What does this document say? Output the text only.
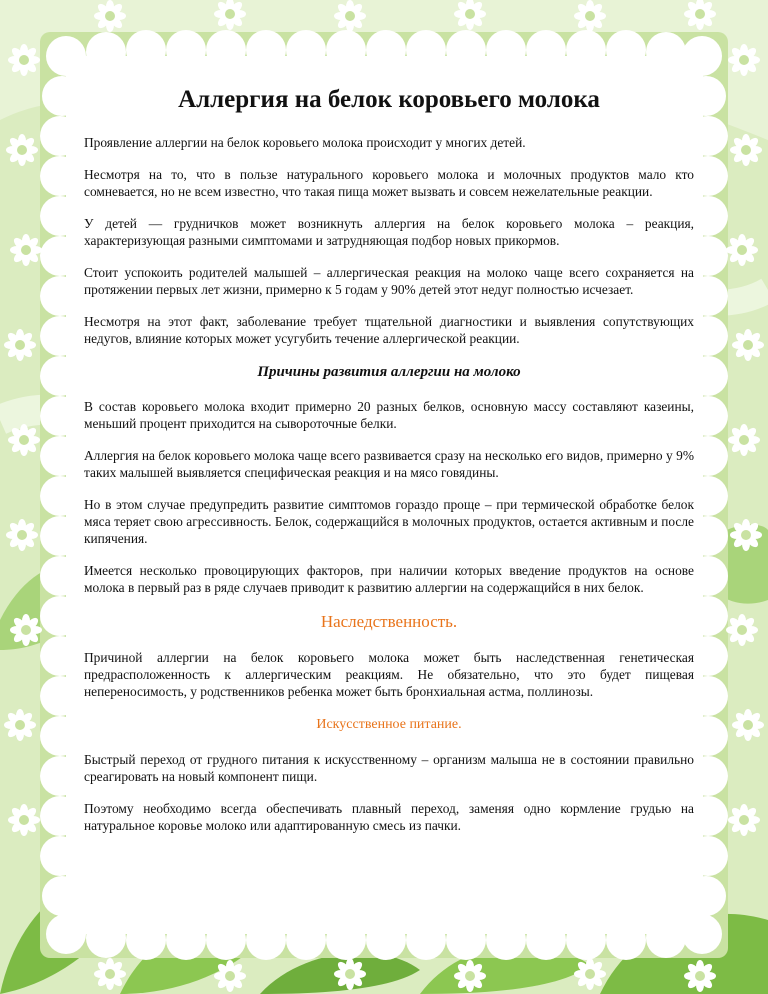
Аллергия на белок коровьего молока

Проявление аллергии на белок коровьего молока происходит у многих детей.

Несмотря на то, что в пользе натурального коровьего молока и молочных продуктов мало кто сомневается, но не всем известно, что такая пища может вызвать и совсем нежелательные реакции.

У детей — грудничков может возникнуть аллергия на белок коровьего молока – реакция, характеризующая разными симптомами и затрудняющая подбор новых прикормов.

Стоит успокоить родителей малышей – аллергическая реакция на молоко чаще всего сохраняется на протяжении первых лет жизни, примерно к 5 годам у 90% детей этот недуг полностью исчезает.

Несмотря на этот факт, заболевание требует тщательной диагностики и выявления сопутствующих недугов, влияние которых может усугубить течение аллергической реакции.

Причины развития аллергии на молоко

В состав коровьего молока входит примерно 20 разных белков, основную массу составляют казеины, меньший процент приходится на сывороточные белки.

Аллергия на белок коровьего молока чаще всего развивается сразу на несколько его видов, примерно у 9% таких малышей выявляется специфическая реакция и на мясо говядины.

Но в этом случае предупредить развитие симптомов гораздо проще – при термической обработке белок мяса теряет свою агрессивность. Белок, содержащийся в молочных продуктов, остается активным и после кипячения.

Имеется несколько провоцирующих факторов, при наличии которых введение продуктов на основе молока в первый раз в ряде случаев приводит к развитию аллергии на содержащийся в них белок.

Наследственность.

Причиной аллергии на белок коровьего молока может быть наследственная генетическая предрасположенность к аллергическим реакциям. Не обязательно, что это будет пищевая непереносимость, у родственников ребенка может быть бронхиальная астма, поллинозы.

Искусственное питание.

Быстрый переход от грудного питания к искусственному – организм малыша не в состоянии правильно среагировать на новый компонент пищи.

Поэтому необходимо всегда обеспечивать плавный переход, заменяя одно кормление грудью на натуральное коровье молоко или адаптированную смесь из пачки.
